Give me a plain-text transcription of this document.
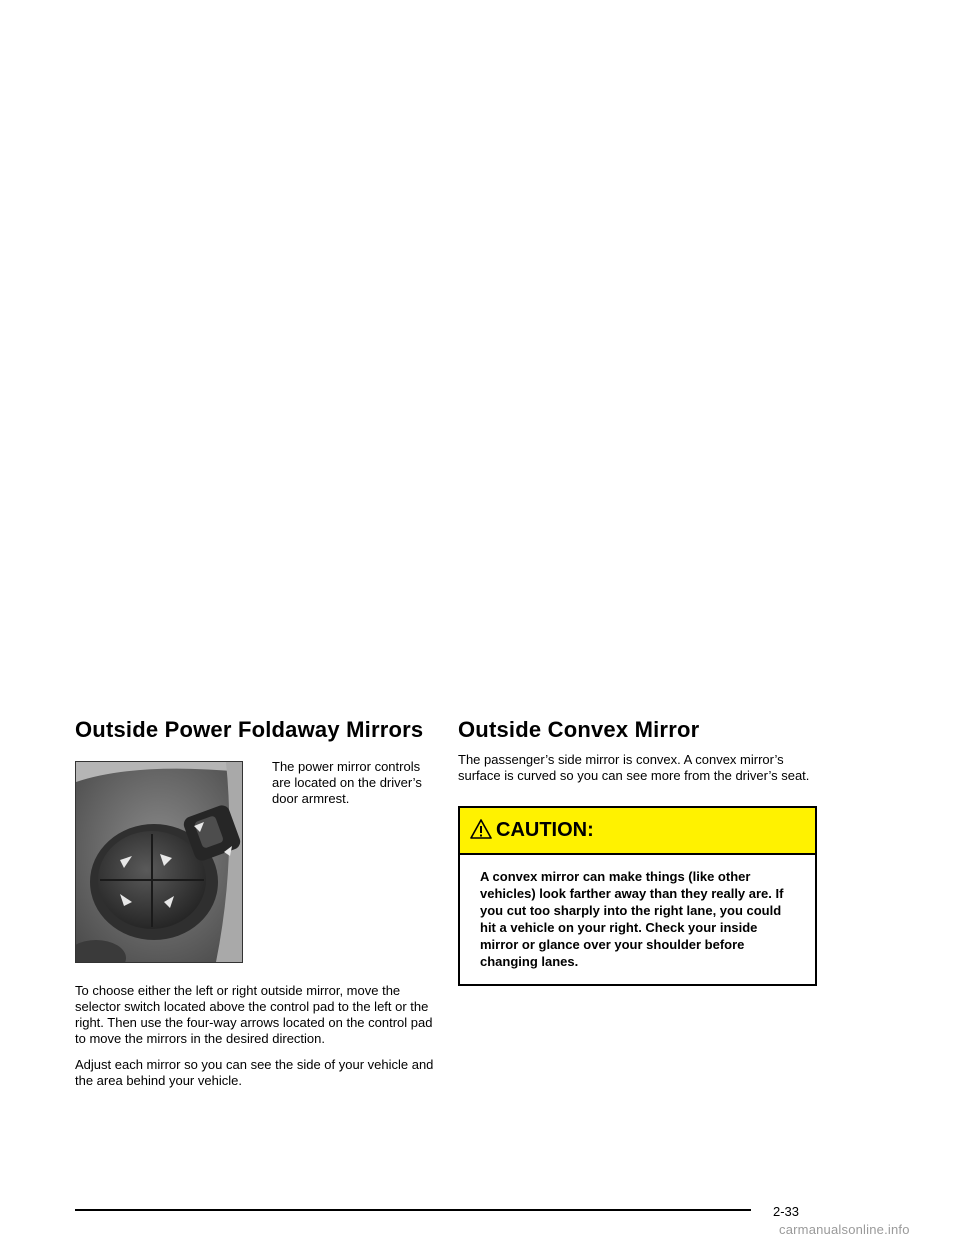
Outside Power Foldaway Mirrors

The power mirror controls are located on the driver’s door armrest.

To choose either the left or right outside mirror, move the selector switch located above the control pad to the left or the right. Then use the four-way arrows located on the control pad to move the mirrors in the desired direction.

Adjust each mirror so you can see the side of your vehicle and the area behind your vehicle.

Outside Convex Mirror

The passenger’s side mirror is convex. A convex mirror’s surface is curved so you can see more from the driver’s seat.

CAUTION:

A convex mirror can make things (like other vehicles) look farther away than they really are. If you cut too sharply into the right lane, you could hit a vehicle on your right. Check your inside mirror or glance over your shoulder before changing lanes.

2-33
carmanualsonline.info
